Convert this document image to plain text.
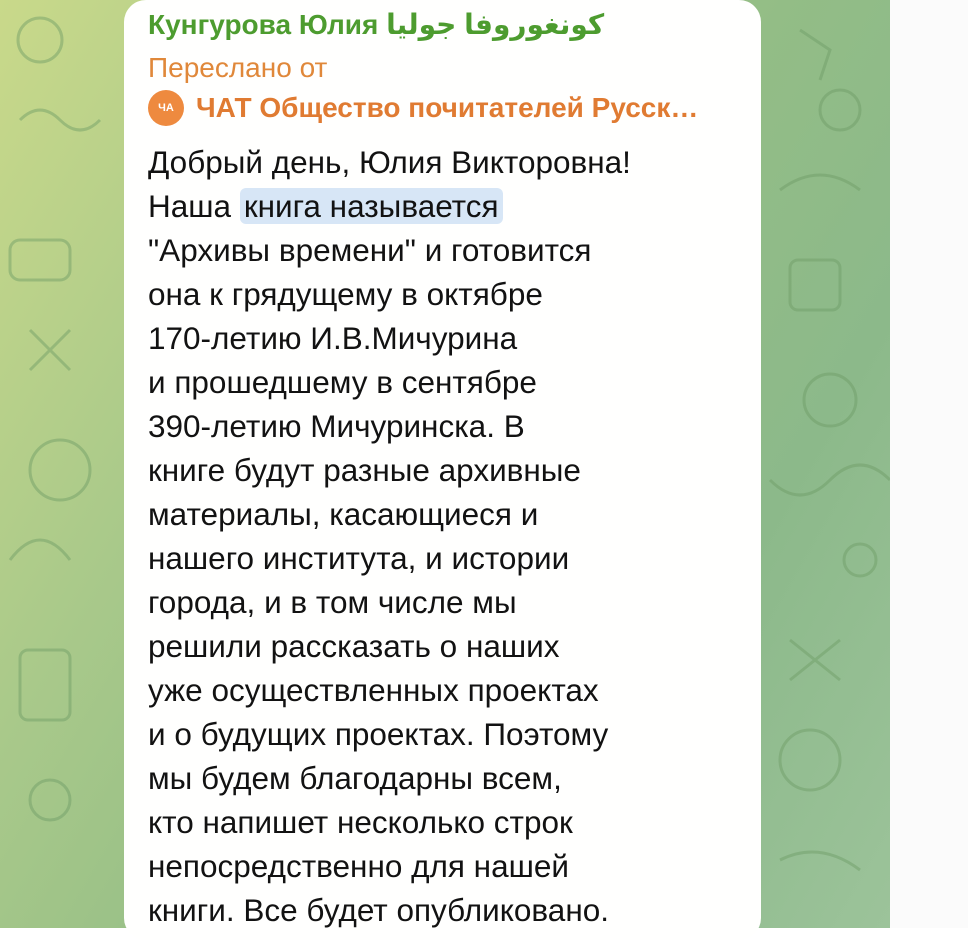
Кунгурова Юлия كونغوروفا جوليا
Переслано от
ЧА ЧАТ Общество почитателей Русск…
Добрый день, Юлия Викторовна!
Наша книга называется
"Архивы времени" и готовится
она к грядущему в октябре
170-летию И.В.Мичурина
и прошедшему в сентябре
390-летию Мичуринска. В
книге будут разные архивные
материалы, касающиеся и
нашего института, и истории
города, и в том числе мы
решили рассказать о наших
уже осуществленных проектах
и о будущих проектах. Поэтому
мы будем благодарны всем,
кто напишет несколько строк
непосредственно для нашей
книги. Все будет опубликовано.
